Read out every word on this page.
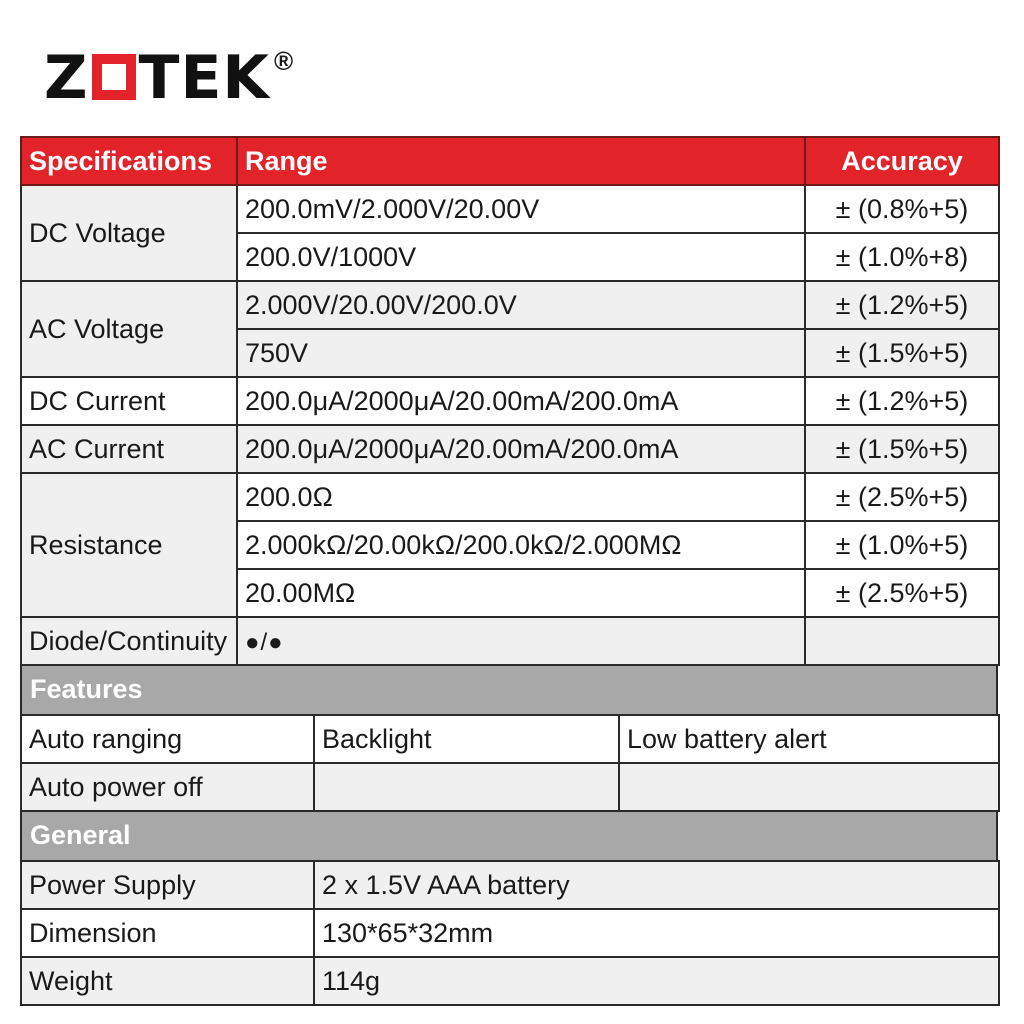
Z TEK ®
Specifications	Range	Accuracy
DC Voltage	200.0mV/2.000V/20.00V	± (0.8%+5)
	200.0V/1000V	± (1.0%+8)
AC Voltage	2.000V/20.00V/200.0V	± (1.2%+5)
	750V	± (1.5%+5)
DC Current	200.0μA/2000μA/20.00mA/200.0mA	± (1.2%+5)
AC Current	200.0μA/2000μA/20.00mA/200.0mA	± (1.5%+5)
Resistance	200.0Ω	± (2.5%+5)
	2.000kΩ/20.00kΩ/200.0kΩ/2.000MΩ	± (1.0%+5)
	20.00MΩ	± (2.5%+5)
Diode/Continuity	●/●	
Features
Auto ranging	Backlight	Low battery alert
Auto power off		
General
Power Supply	2 x 1.5V AAA battery
Dimension	130*65*32mm
Weight	114g
